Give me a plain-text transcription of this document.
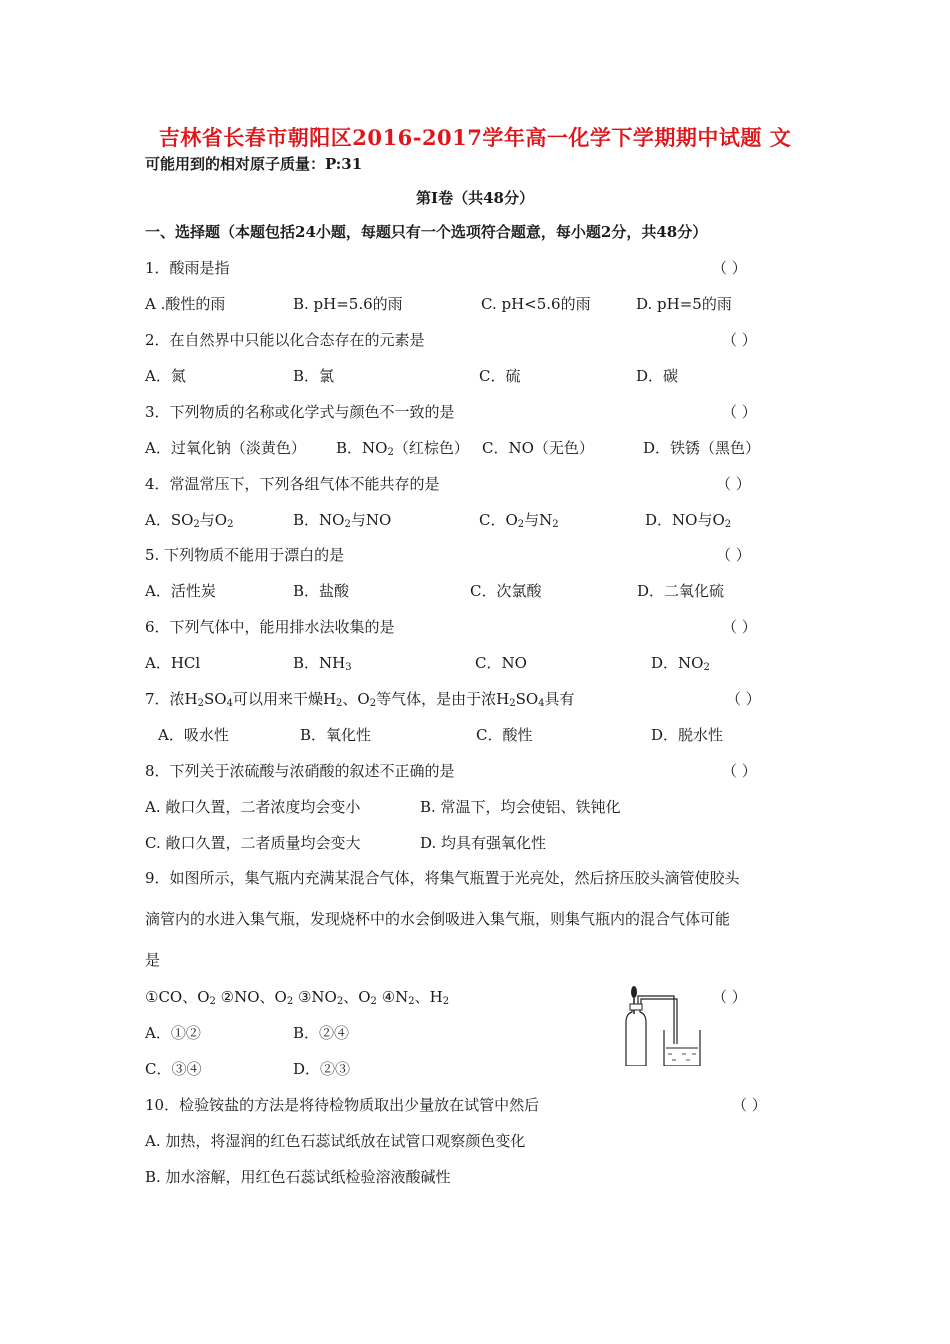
吉林省长春市朝阳区2016-2017学年高一化学下学期期中试题 文
可能用到的相对原子质量：P:31
第Ⅰ卷（共48分）
一、选择题（本题包括24小题，每题只有一个选项符合题意，每小题2分，共48分）
1．酸雨是指	（ ）
A .酸性的雨	B. pH=5.6的雨	C. pH<5.6的雨	D. pH=5的雨
2．在自然界中只能以化合态存在的元素是	（ ）
A．氮	B．氯	C．硫	D．碳
3．下列物质的名称或化学式与颜色不一致的是	（ ）
A．过氧化钠（淡黄色） B．$NO_2$（红棕色） C．NO（无色）	D．铁锈（黑色）
4．常温常压下，下列各组气体不能共存的是	（ ）
A．$SO_2$与$O_2$	B．$NO_2$与NO	C．$O_2$与$N_2$	D．NO与$O_2$
5. 下列物质不能用于漂白的是	（ ）
A．活性炭	B．盐酸	C．次氯酸	D．二氧化硫
6．下列气体中，能用排水法收集的是	（ ）
A．HCl	B．$NH_3$	C．NO	D．$NO_2$
7．浓$H_2SO_4$可以用来干燥$H_2$、$O_2$等气体，是由于浓$H_2SO_4$具有	（ ）
A．吸水性	B．氧化性	C．酸性	D．脱水性
8．下列关于浓硫酸与浓硝酸的叙述不正确的是	（ ）
A. 敞口久置，二者浓度均会变小	B. 常温下，均会使铝、铁钝化
C. 敞口久置，二者质量均会变大	D. 均具有强氧化性
9．如图所示，集气瓶内充满某混合气体，将集气瓶置于光亮处，然后挤压胶头滴管使胶头
滴管内的水进入集气瓶，发现烧杯中的水会倒吸进入集气瓶，则集气瓶内的混合气体可能
是
①CO、$O_2$ ②NO、$O_2$ $③NO_2$、$O_2$ $④N_2$、$H_2$	（ ）
A．①②	B．②④
C．③④	D．②③
10．检验铵盐的方法是将待检物质取出少量放在试管中然后	（ ）
A. 加热，将湿润的红色石蕊试纸放在试管口观察颜色变化
B. 加水溶解，用红色石蕊试纸检验溶液酸碱性
